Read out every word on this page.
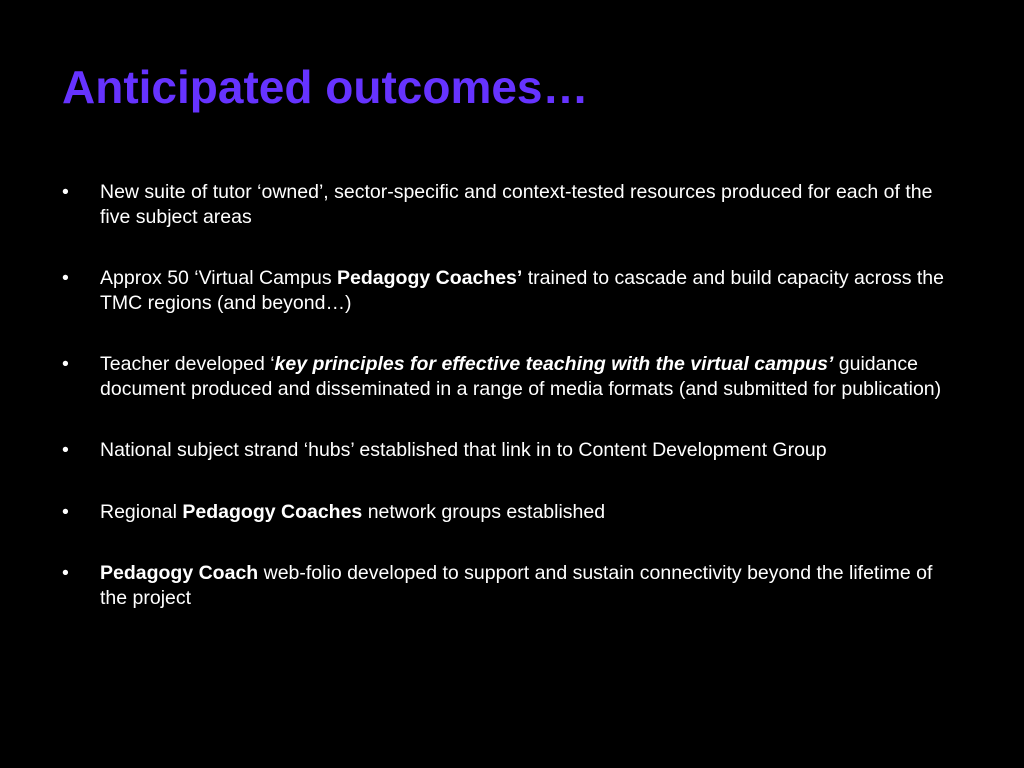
Anticipated outcomes…
•	New suite of tutor ‘owned’, sector-specific and context-tested resources produced for each of the five subject areas
•	Approx 50 ‘Virtual Campus Pedagogy Coaches’ trained to cascade and build capacity across the TMC regions (and beyond…)
•	Teacher developed ‘key principles for effective teaching with the virtual campus’ guidance document produced and disseminated in a range of media formats (and submitted for publication)
•	National subject strand ‘hubs’ established that link in to Content Development Group
•	Regional Pedagogy Coaches network groups established
•	Pedagogy Coach web-folio developed to support and sustain connectivity beyond the lifetime of the project
